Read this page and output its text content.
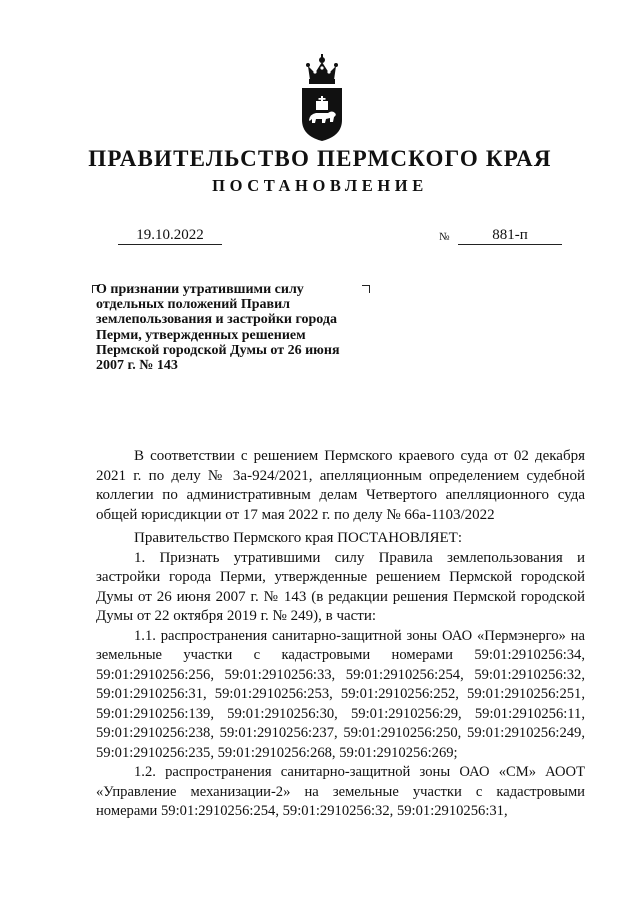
ПРАВИТЕЛЬСТВО ПЕРМСКОГО КРАЯ
ПОСТАНОВЛЕНИЕ
19.10.2022	№	881-п
О признании утратившими силу отдельных положений Правил землепользования и застройки города Перми, утвержденных решением Пермской городской Думы от 26 июня 2007 г. № 143

В соответствии с решением Пермского краевого суда от 02 декабря 2021 г. по делу № 3а-924/2021, апелляционным определением судебной коллегии по административным делам Четвертого апелляционного суда общей юрисдикции от 17 мая 2022 г. по делу № 66а-1103/2022

Правительство Пермского края ПОСТАНОВЛЯЕТ:

1. Признать утратившими силу Правила землепользования и застройки города Перми, утвержденные решением Пермской городской Думы от 26 июня 2007 г. № 143 (в редакции решения Пермской городской Думы от 22 октября 2019 г. № 249), в части:

1.1. распространения санитарно-защитной зоны ОАО «Пермэнерго» на земельные участки с кадастровыми номерами 59:01:2910256:34, 59:01:2910256:256, 59:01:2910256:33, 59:01:2910256:254, 59:01:2910256:32, 59:01:2910256:31, 59:01:2910256:253, 59:01:2910256:252, 59:01:2910256:251, 59:01:2910256:139, 59:01:2910256:30, 59:01:2910256:29, 59:01:2910256:11, 59:01:2910256:238, 59:01:2910256:237, 59:01:2910256:250, 59:01:2910256:249, 59:01:2910256:235, 59:01:2910256:268, 59:01:2910256:269;

1.2. распространения санитарно-защитной зоны ОАО «СМ» АООТ «Управление механизации-2» на земельные участки с кадастровыми номерами 59:01:2910256:254, 59:01:2910256:32, 59:01:2910256:31,
